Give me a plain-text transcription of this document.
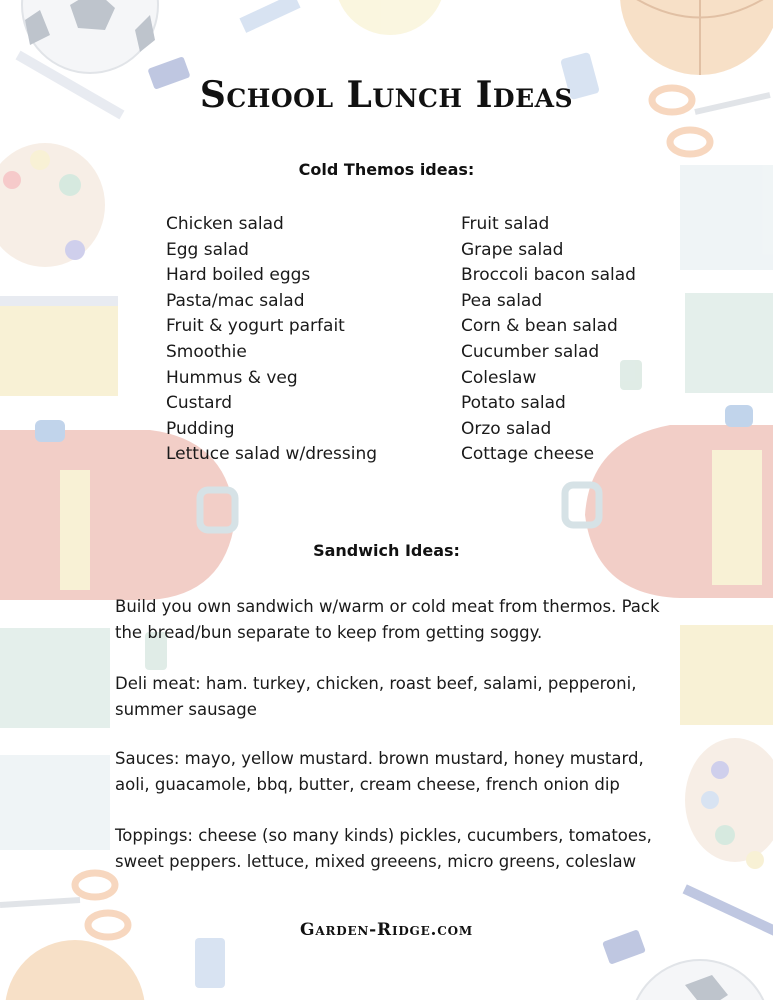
School Lunch Ideas
Cold Themos ideas:
Chicken salad
Egg salad
Hard boiled eggs
Pasta/mac salad
Fruit & yogurt parfait
Smoothie
Hummus & veg
Custard
Pudding
Lettuce salad w/dressing
Fruit salad
Grape salad
Broccoli bacon salad
Pea salad
Corn & bean salad
Cucumber salad
Coleslaw
Potato salad
Orzo salad
Cottage cheese
Sandwich Ideas:

Build you own sandwich w/warm or cold meat from thermos. Pack the bread/bun separate to keep from getting soggy.

Deli meat: ham. turkey, chicken, roast beef, salami, pepperoni, summer sausage

Sauces: mayo, yellow mustard. brown mustard, honey mustard, aoli, guacamole, bbq, butter, cream cheese, french onion dip

Toppings: cheese (so many kinds) pickles, cucumbers, tomatoes, sweet peppers. lettuce, mixed greeens, micro greens, coleslaw

Garden-Ridge.com
